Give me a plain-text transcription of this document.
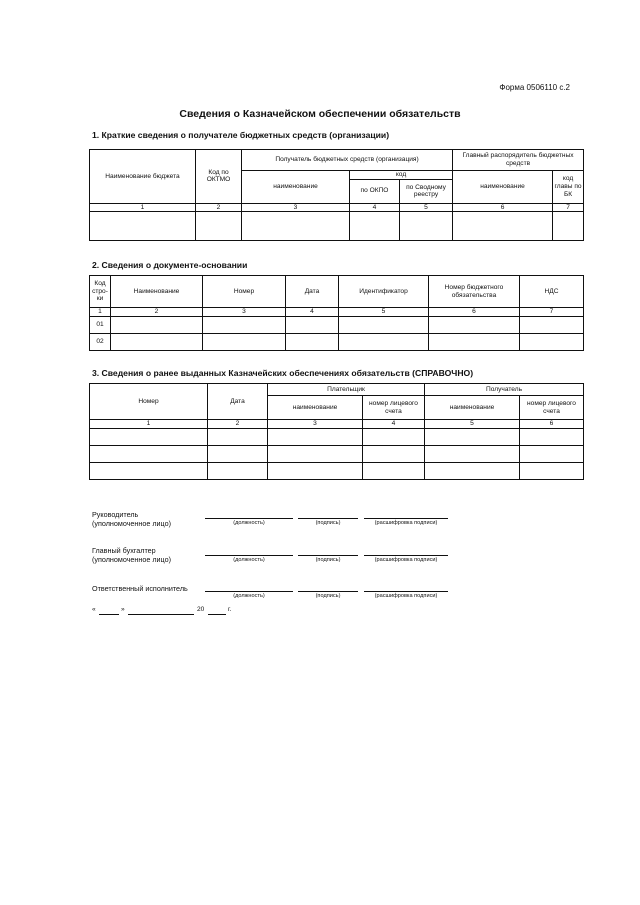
Форма 0506110 с.2
Сведения о Казначейском обеспечении обязательств
1. Краткие сведения о получателе бюджетных средств (организации)
Наименование бюджета	Код по ОКТМО	Получатель бюджетных средств (организация)			Главный распорядитель бюджетных средств	
		наименование	код		наименование	код главы по БК
			по ОКПО	по Сводному реестру		
1	2	3	4	5	6	7

2. Сведения о документе-основании
Код стро-ки	Наименование	Номер	Дата	Идентификатор	Номер бюджетного обязательства	НДС
1	2	3	4	5	6	7
01						
02						
3. Сведения о ранее выданных Казначейских обеспечениях обязательств (СПРАВОЧНО)
Номер	Дата	Плательщик		Получатель	
		наименование	номер лицевого счета	наименование	номер лицевого счета
1	2	3	4	5	6

Руководитель
(уполномоченное лицо)	(должность)	(подпись)	(расшифровка подписи)
Главный бухгалтер
(уполномоченное лицо)	(должность)	(подпись)	(расшифровка подписи)
Ответственный исполнитель
(должность)	(подпись)	(расшифровка подписи)
«	»	20	г.
